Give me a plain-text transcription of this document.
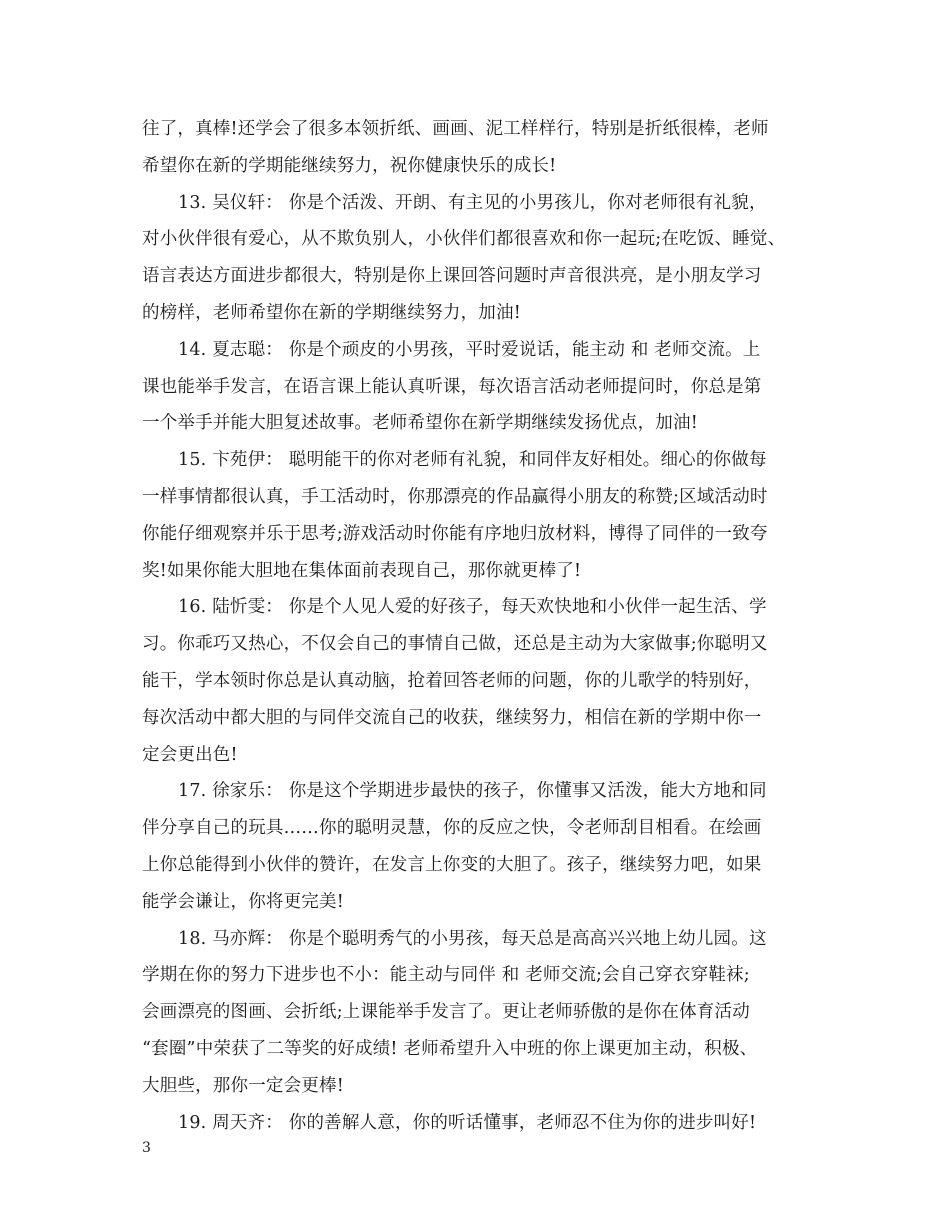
往了，真棒!还学会了很多本领折纸、画画、泥工样样行，特别是折纸很棒，老师
希望你在新的学期能继续努力，祝你健康快乐的成长!
13. 吴仪轩： 你是个活泼、开朗、有主见的小男孩儿，你对老师很有礼貌，
对小伙伴很有爱心，从不欺负别人，小伙伴们都很喜欢和你一起玩;在吃饭、睡觉、
语言表达方面进步都很大，特别是你上课回答问题时声音很洪亮，是小朋友学习
的榜样，老师希望你在新的学期继续努力，加油!
14. 夏志聪： 你是个顽皮的小男孩，平时爱说话，能主动 和 老师交流。上
课也能举手发言，在语言课上能认真听课，每次语言活动老师提问时，你总是第
一个举手并能大胆复述故事。老师希望你在新学期继续发扬优点，加油!
15. 卞苑伊： 聪明能干的你对老师有礼貌，和同伴友好相处。细心的你做每
一样事情都很认真，手工活动时，你那漂亮的作品赢得小朋友的称赞;区域活动时
你能仔细观察并乐于思考;游戏活动时你能有序地归放材料，博得了同伴的一致夸
奖!如果你能大胆地在集体面前表现自己，那你就更棒了!
16. 陆忻雯： 你是个人见人爱的好孩子，每天欢快地和小伙伴一起生活、学
习。你乖巧又热心，不仅会自己的事情自己做，还总是主动为大家做事;你聪明又
能干，学本领时你总是认真动脑，抢着回答老师的问题，你的儿歌学的特别好，
每次活动中都大胆的与同伴交流自己的收获，继续努力，相信在新的学期中你一
定会更出色!
17. 徐家乐： 你是这个学期进步最快的孩子，你懂事又活泼，能大方地和同
伴分享自己的玩具……你的聪明灵慧，你的反应之快，令老师刮目相看。在绘画
上你总能得到小伙伴的赞许，在发言上你变的大胆了。孩子，继续努力吧，如果
能学会谦让，你将更完美!
18. 马亦辉： 你是个聪明秀气的小男孩，每天总是高高兴兴地上幼儿园。这
学期在你的努力下进步也不小：能主动与同伴 和 老师交流;会自己穿衣穿鞋袜;
会画漂亮的图画、会折纸;上课能举手发言了。更让老师骄傲的是你在体育活动
“套圈”中荣获了二等奖的好成绩! 老师希望升入中班的你上课更加主动，积极、
大胆些，那你一定会更棒!
19. 周天齐： 你的善解人意，你的听话懂事，老师忍不住为你的进步叫好!
3
